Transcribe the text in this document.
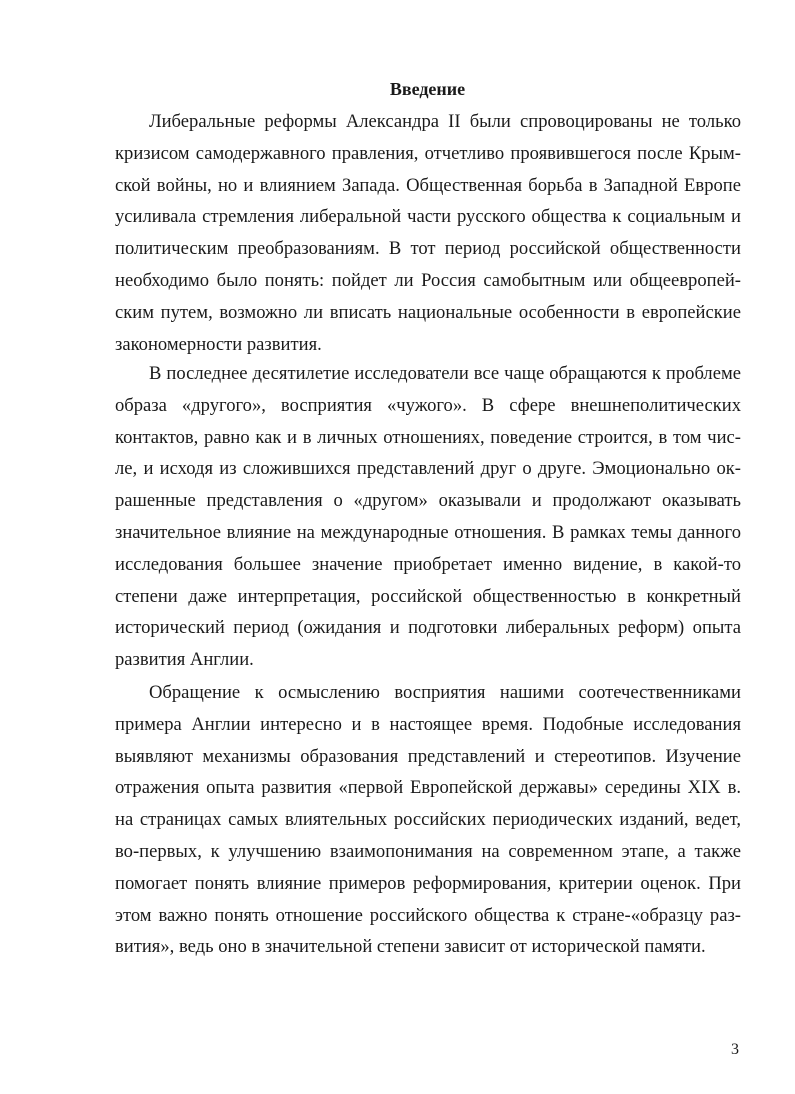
Введение

Либеральные реформы Александра II были спровоцированы не только кризисом самодержавного правления, отчетливо проявившегося после Крымской войны, но и влиянием Запада. Общественная борьба в Западной Европе усиливала стремления либеральной части русского общества к социальным и политическим преобразованиям. В тот период российской общественности необходимо было понять: пойдет ли Россия самобытным или общеевропейским путем, возможно ли вписать национальные особенности в европейские закономерности развития.

В последнее десятилетие исследователи все чаще обращаются к проблеме образа «другого», восприятия «чужого». В сфере внешнеполитических контактов, равно как и в личных отношениях, поведение строится, в том числе, и исходя из сложившихся представлений друг о друге. Эмоционально окрашенные представления о «другом» оказывали и продолжают оказывать значительное влияние на международные отношения. В рамках темы данного исследования большее значение приобретает именно видение, в какой-то степени даже интерпретация, российской общественностью в конкретный исторический период (ожидания и подготовки либеральных реформ) опыта развития Англии.

Обращение к осмыслению восприятия нашими соотечественниками примера Англии интересно и в настоящее время. Подобные исследования выявляют механизмы образования представлений и стереотипов. Изучение отражения опыта развития «первой Европейской державы» середины XIX в. на страницах самых влиятельных российских периодических изданий, ведет, во-первых, к улучшению взаимопонимания на современном этапе, а также помогает понять влияние примеров реформирования, критерии оценок. При этом важно понять отношение российского общества к стране-«образцу развития», ведь оно в значительной степени зависит от исторической памяти.

3
